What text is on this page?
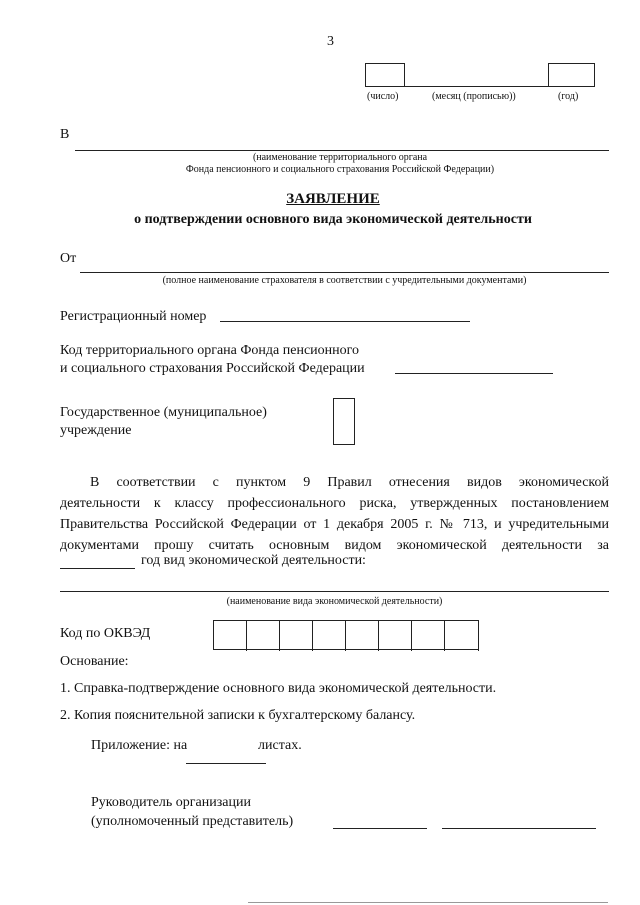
3
(число)	(месяц (прописью))	(год)
В
(наименование территориального органа
Фонда пенсионного и социального страхования Российской Федерации)
ЗАЯВЛЕНИЕ
о подтверждении основного вида экономической деятельности
От
(полное наименование страхователя в соответствии с учредительными документами)
Регистрационный номер
Код территориального органа Фонда пенсионного
и социального страхования Российской Федерации
Государственное (муниципальное)
учреждение
В соответствии с пунктом 9 Правил отнесения видов экономической
деятельности к классу профессионального риска, утвержденных постановлением
Правительства Российской Федерации от 1 декабря 2005 г. № 713, и учредительными
документами прошу считать основным видом экономической деятельности за
год вид экономической деятельности:
(наименование вида экономической деятельности)
Код по ОКВЭД
Основание:
1. Справка-подтверждение основного вида экономической деятельности.
2. Копия пояснительной записки к бухгалтерскому балансу.
Приложение: на	листах.
Руководитель организации
(уполномоченный представитель)
